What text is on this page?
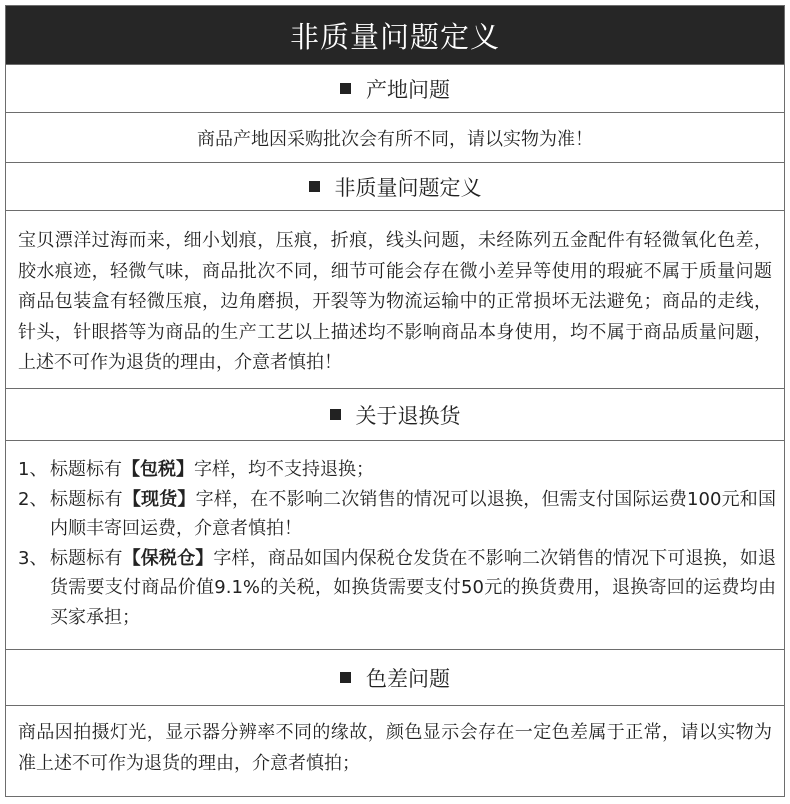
非质量问题定义
产地问题
商品产地因采购批次会有所不同，请以实物为准！
非质量问题定义
宝贝漂洋过海而来，细小划痕，压痕，折痕，线头问题，未经陈列五金配件有轻微氧化色差，胶水痕迹，轻微气味，商品批次不同，细节可能会存在微小差异等使用的瑕疵不属于质量问题商品包装盒有轻微压痕，边角磨损，开裂等为物流运输中的正常损坏无法避免；商品的走线，针头，针眼搭等为商品的生产工艺以上描述均不影响商品本身使用，均不属于商品质量问题，上述不可作为退货的理由，介意者慎拍！
关于退换货
1、 标题标有【包税】字样，均不支持退换；
2、 标题标有【现货】字样，在不影响二次销售的情况可以退换，但需支付国际运费100元和国内顺丰寄回运费，介意者慎拍！
3、 标题标有【保税仓】字样，商品如国内保税仓发货在不影响二次销售的情况下可退换，如退货需要支付商品价值9.1%的关税，如换货需要支付50元的换货费用，退换寄回的运费均由买家承担；
色差问题
商品因拍摄灯光，显示器分辨率不同的缘故，颜色显示会存在一定色差属于正常，请以实物为准上述不可作为退货的理由，介意者慎拍；
